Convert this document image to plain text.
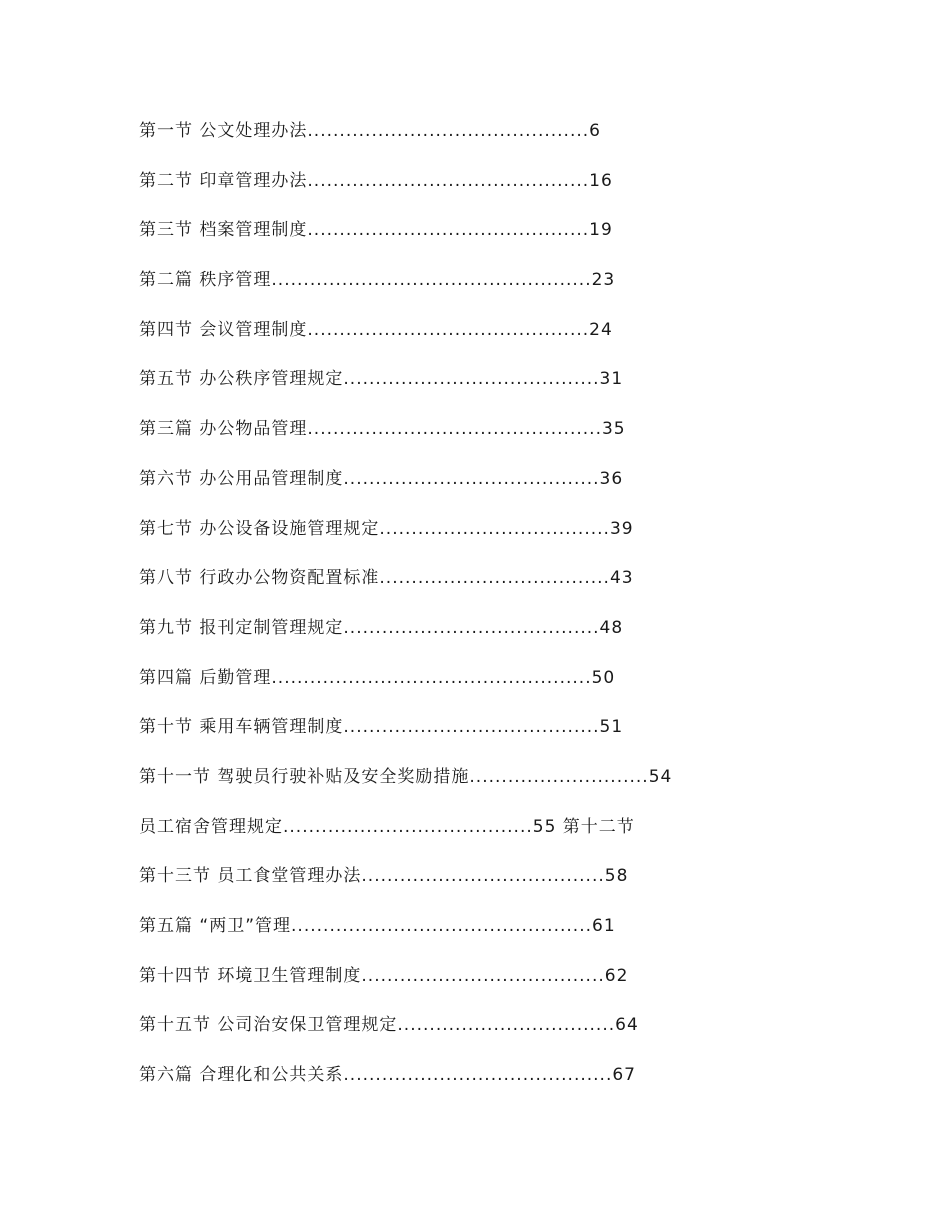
第一节 公文处理办法............................................6
第二节 印章管理办法............................................16
第三节 档案管理制度............................................19
第二篇 秩序管理..................................................23
第四节 会议管理制度............................................24
第五节 办公秩序管理规定........................................31
第三篇 办公物品管理..............................................35
第六节 办公用品管理制度........................................36
第七节 办公设备设施管理规定....................................39
第八节 行政办公物资配置标准....................................43
第九节 报刊定制管理规定........................................48
第四篇 后勤管理..................................................50
第十节 乘用车辆管理制度........................................51
第十一节 驾驶员行驶补贴及安全奖励措施............................54
员工宿舍管理规定.......................................55 第十二节
第十三节 员工食堂管理办法......................................58
第五篇 “两卫”管理...............................................61
第十四节 环境卫生管理制度......................................62
第十五节 公司治安保卫管理规定..................................64
第六篇 合理化和公共关系..........................................67
